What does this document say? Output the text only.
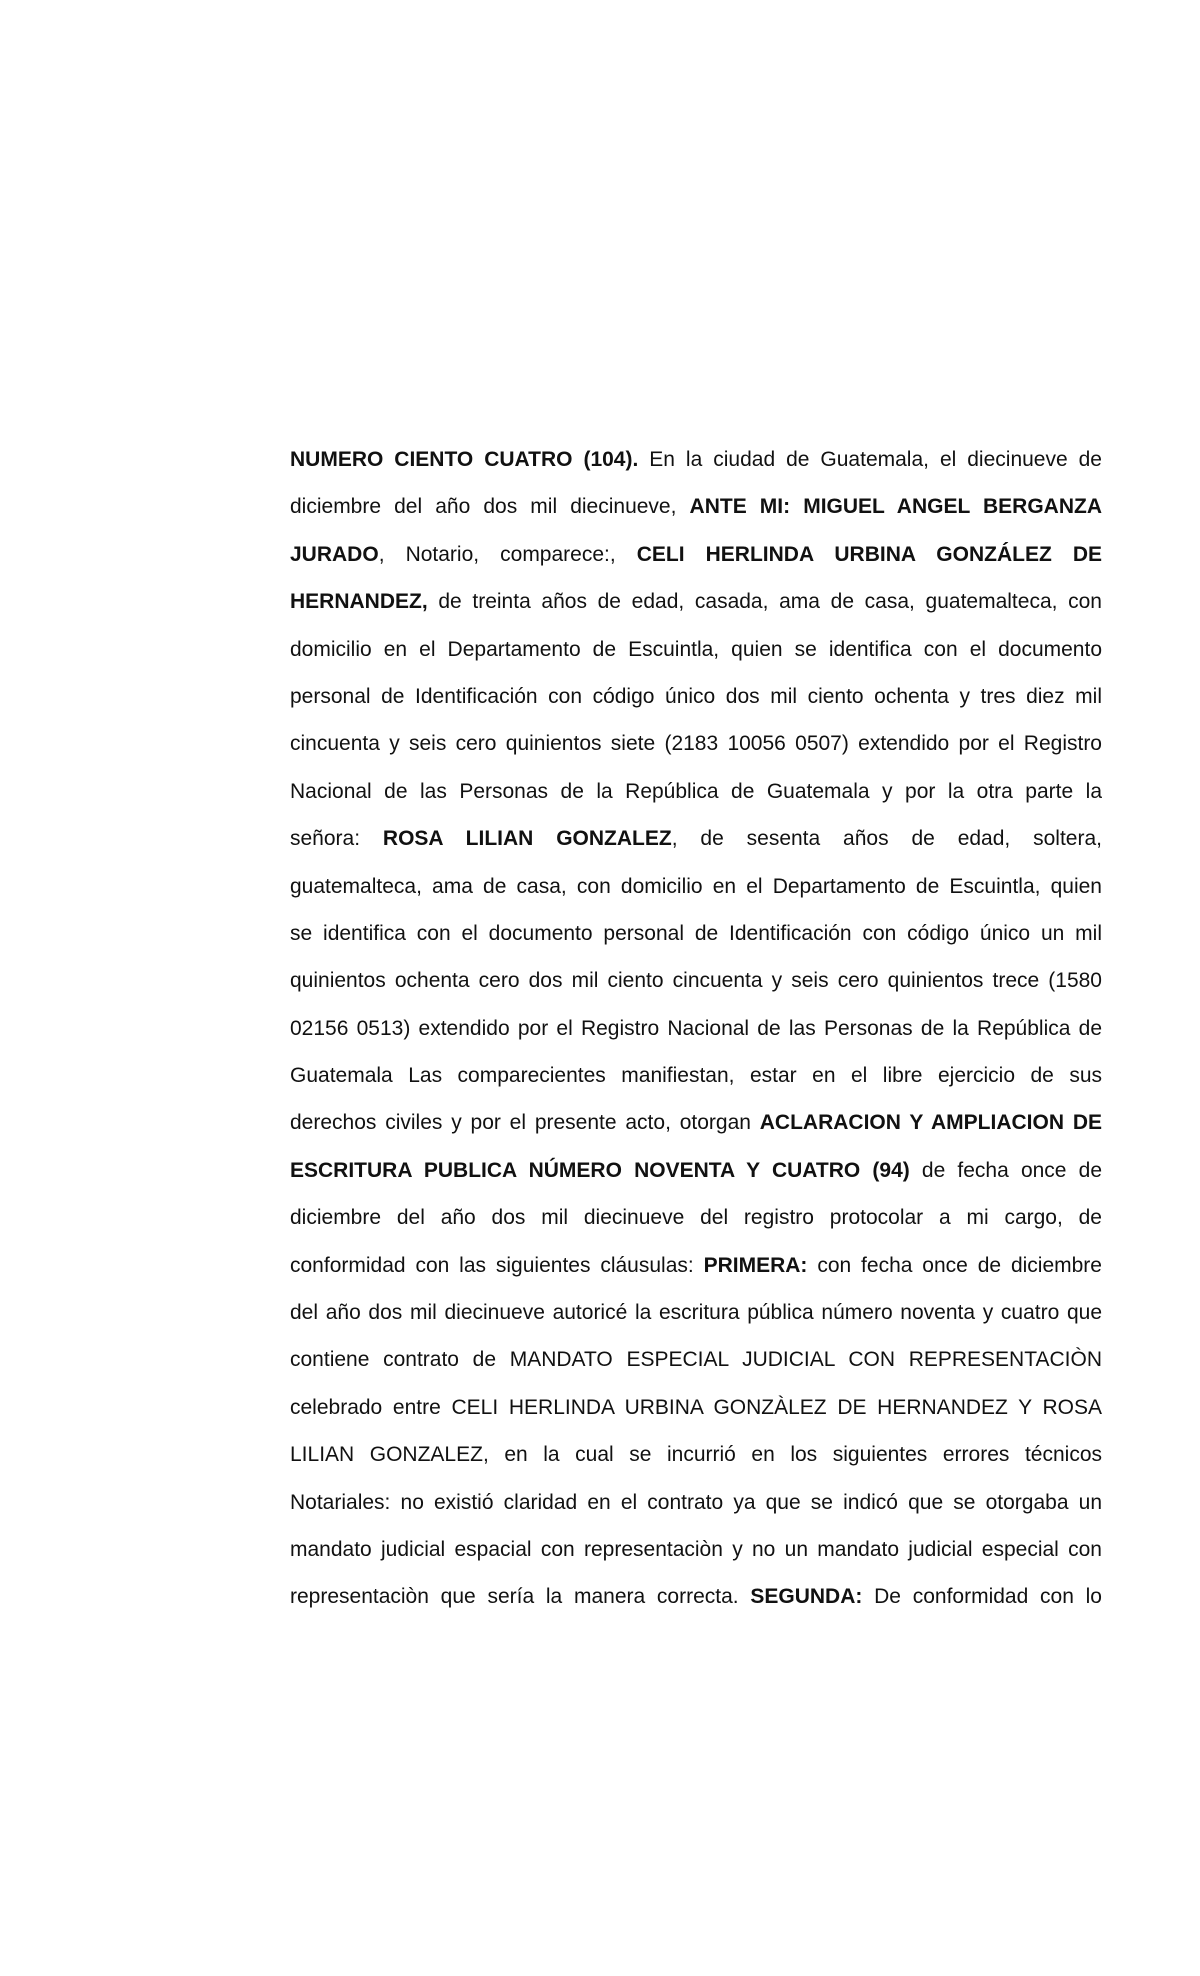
NUMERO CIENTO CUATRO (104). En la ciudad de Guatemala, el diecinueve de
diciembre del año dos mil diecinueve, ANTE MI: MIGUEL ANGEL BERGANZA
JURADO, Notario, comparece:, CELI HERLINDA URBINA GONZÁLEZ DE
HERNANDEZ, de treinta años de edad, casada, ama de casa, guatemalteca, con
domicilio en el Departamento de Escuintla, quien se identifica con el documento
personal de Identificación con código único dos mil ciento ochenta y tres diez mil
cincuenta y seis cero quinientos siete (2183 10056 0507) extendido por el Registro
Nacional de las Personas de la República de Guatemala y por la otra parte la
señora: ROSA LILIAN GONZALEZ, de sesenta años de edad, soltera,
guatemalteca, ama de casa, con domicilio en el Departamento de Escuintla, quien
se identifica con el documento personal de Identificación con código único un mil
quinientos ochenta cero dos mil ciento cincuenta y seis cero quinientos trece (1580
02156 0513) extendido por el Registro Nacional de las Personas de la República de
Guatemala Las comparecientes manifiestan, estar en el libre ejercicio de sus
derechos civiles y por el presente acto, otorgan ACLARACION Y AMPLIACION DE
ESCRITURA PUBLICA NÚMERO NOVENTA Y CUATRO (94) de fecha once de
diciembre del año dos mil diecinueve del registro protocolar a mi cargo, de
conformidad con las siguientes cláusulas: PRIMERA: con fecha once de diciembre
del año dos mil diecinueve autoricé la escritura pública número noventa y cuatro que
contiene contrato de MANDATO ESPECIAL JUDICIAL CON REPRESENTACIÒN
celebrado entre CELI HERLINDA URBINA GONZÀLEZ DE HERNANDEZ Y ROSA
LILIAN GONZALEZ, en la cual se incurrió en los siguientes errores técnicos
Notariales: no existió claridad en el contrato ya que se indicó que se otorgaba un
mandato judicial espacial con representaciòn y no un mandato judicial especial con
representaciòn que sería la manera correcta. SEGUNDA: De conformidad con lo
